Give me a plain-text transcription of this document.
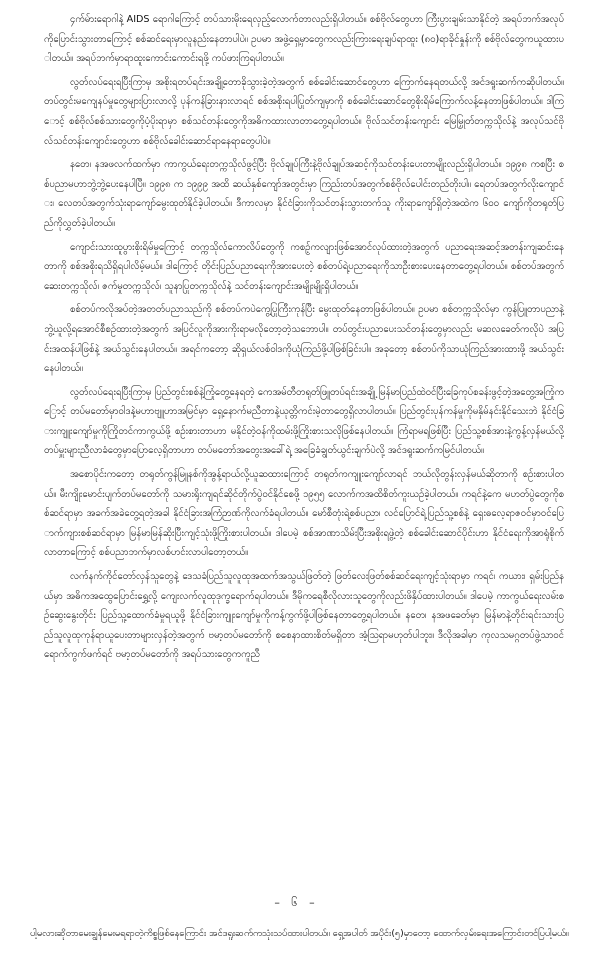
၄က်မ်ားရောဂါနဲ့ AIDS ရောဂါကြောင့် တပ်သားမိုးရေလှည့်လောက်တာလည်းရှိပါတယ်။ စစ်ဗိုလ်တွေဟာ ကြီးပွားချမ်းသာနိုင်တဲ့ အရပ်ဘက်အလုပ်ကိုပြောင်းသွားတာကြောင့် စစ်ဆင်ရေးမှာလူနည်းနေတာပါပဲ။ ဥပမာ အဖွဲ့ရှေ့မှာတွေကလည်းကြားရေးချပ်ရာထူး (၈၀)ရာခိုင်နှုန်းကို စစ်ဗိုလ်တွေကယူထားပါတယ်။ အရပ်ဘက်မှာရာထူးကောင်းကောင်းရဖို့ ကပ်ဖားကြရပါတယ်။

လွတ်လပ်ရေးရပြီးကြာမှ အစိုးရတပ်ရင်းအချို့တောခိုသွားခဲ့တဲ့အတွက် စစ်ခေါင်းဆောင်တွေဟာ ကြောက်နေရတယ်လို့ အင်ဒရူးဆက်ကဆိုပါတယ်။ တပ်တွင်းမကျေနပ်မှုတွေများပြားလာလို့ ပုန်ကန်ခြားနားလာရင် စစ်အစိုးရပါပြုတ်ကျမှာကို စစ်ခေါင်းဆောင်တွေစိုးရိမ်ကြောက်လန့်နေတာဖြစ်ပါတယ်။ ဒါကြောင့် စစ်ဗိုလ်စစ်သားတွေကိုပံ့ပိုးရာမှာ စစ်သင်တန်းတွေကိုအဓိကထားလာတာတွေ့ရပါတယ်။ ဗိုလ်သင်တန်းကျောင်း မြေမြှုတ်တက္ကသိုလ်နဲ့ အလုပ်သင်ဗိုလ်သင်တန်းကျောင်းတွေဟာ စစ်ဗိုလ်ခေါင်းဆောင်ရာနေရာတွေပါပဲ။

နတေ၊ နအဖလက်ထက်မှာ ကာကွယ်ရေးတက္ကသိုလ်ဖွင့်ပြီး ဗိုလ်ချုပ်ကြီးနဲ့ဗိုလ်ချုပ်အဆင့်ကိုသင်တန်းပေးတာမျိုးလည်းရှိပါတယ်။ ၁၉၉၈ ကစပြီး စစ်ပညာမဟာဘွဲ့ဘွဲ့ပေးနေပါပြီ။ ၁၉၉၈ က ၁၉၉၉ အထိ ဆယ်နှစ်ကျော်အတွင်းမှာ ကြည်းတပ်အတွက်စစ်ဗိုလ်ပေါင်းတည်တိုးပါ။ ရေတပ်အတွက်လိုးကျောင်း၊ လေတပ်အတွက်သုံးရာကျော်မွေးထုတ်နိုင်ခဲ့ပါတယ်။ ဒီကာလမှာ နိုင်ငံခြားကိုသင်တန်းသွားတက်သူ ကိုးရာကျော်ရှိတဲ့အထဲက ၆၀၀ ကျော်ကိုတရုတ်ပြည်ကိုလွှတ်ခဲ့ပါတယ်။

ကျောင်းသားထူပွားစိုးရိမ်မှုကြောင့် တက္ကသိုလ်ကောလိပ်တွေကို ကစဉ့်ကလျားဖြစ်အောင်လုပ်ထားတဲ့အတွက် ပညာရေးအဆင့်အတန်းကျဆင်းနေတာကို စစ်အစိုးရသိရှိရပါလိမ့်မယ်။ ဒါကြောင့် တိုင်းပြည်ပညာရေးကိုအားပေးတဲ့ စစ်တပ်ရဲ့ပညာရေးကိုသာဦးစားပေးနေတာတွေ့ရပါတယ်။ စစ်တပ်အတွက် ဆေးတက္ကသိုလ်၊ ဇက်မှုတက္ကသိုလ်၊ သူနာပြုတက္ကသိုလ်နဲ့ သင်တန်းကျောင်းအမျိုးမျိုးရှိပါတယ်။

စစ်တပ်ကလိုအပ်တဲ့အတတ်ပညာသည်ကို စစ်တပ်ကပဲကွေ့ပြုကြီးကုန်ပြီး မွေးထုတ်နေတာဖြစ်ပါတယ်။ ဥပမာ စစ်တက္ကသိုလ်မှာ ကွန်ပြူတာပညာနဲ့ဘွဲ့ယူလို့ရအောင်စီစဉ်ထားတဲ့အတွက် အပြင်လူကိုအားကိုးရာမလိုတော့တဲ့သဘောပါ။ တပ်တွင်းပညာပေးသင်တန်းတွေမှာလည်း မဆလခေတ်ကလိုပဲ အပြင်းအထန်ပါဖြစ်နဲ့ အယ်သွင်းနေပါတယ်။ အရင်ကတော့ ဆိုရှယ်လစ်ဝါဒကိုယုံကြည်ဖို့ပါဖြစ်ခြင်းပါ။ အခုတော့ စစ်တပ်ကိုသာယုံကြည်အားထားဖို့ အယ်သွင်းနေပါတယ်။

လွတ်လပ်ရေးရပြီးကြာမှ ပြည်တွင်းစစ်နဲ့ကြုံတွေ့နေရတဲ့ ကေအမ်တီတရုတ်ဖြူတပ်ရင်းအချို့ မြန်မာပြည်ထဲဝင်ပြီးခြေကုပ်စခန်းဖွင့်တဲ့အတွေ့အကြုံကြောင့် တပ်မတော်မှာဝါဒနဲ့မဟာဗျူဟာအမြင်မှာ ရှေ့နောက်မညီတာနဲ့ယုတ္တိကင်းမဲ့တာတွေရှိလာပါတယ်။ ပြည်တွင်းပုန်ကန်မှုကိုမနှိမ်နင်းနိုင်သေးဘဲ နိုင်ငံခြားကျူးကျော်မှုကိုကြိုတင်ကာကွယ်ဖို့ စဉ်းစားတာဟာ မနိုင်တဲ့ဝန်ကိုထမ်းဖို့ကြိုးစားသလိုဖြစ်နေပါတယ်။ ကြံရာမရဖြစ်ပြီး ပြည်သူ့စစ်အားနဲ့ကွန့်လှန်မယ်လို့ တပ်မှူးများညီလာခံတွေမှာပြောလေ့ရှိတာဟာ တပ်မတော်အတွေးအခေါ်ရဲ့ အခြေခံချွတ်ယွင်းချက်ပဲလို့ အင်ဒရူးဆက်ကမြင်ပါတယ်။

အစောပိုင်းကတော့ တရုတ်ကွန်မြူနစ်ကိုအွန့်ရာယ်လို့ယူဆထားကြောင့် တရုတ်ကကျူးကျော်လာရင် ဘယ်လိုတွန်းလှန်မယ်ဆိုတာကို စဉ်းစားပါတယ်။ မီးကျိုးမောင်းပျက်တပ်မတော်ကို သမားရိုးကျရင်ဆိုင်တိုက်ပွဲဝင်နိုင်စေဖို့ ၁၉၅၅ လောက်ကအထိစိတ်ကူးယဉ်ခဲ့ပါတယ်။ ကရင်နဲ့ကေ မဟတ်ပွဲတွေကိုစစ်ဆင်ရာမှာ အခက်အခဲတွေ့ရတဲ့အခါ နိုင်ငံခြားအကြံဉာဏ်ကိုလက်ခံရပါတယ်။ မော်စီတုံးရဲ့စစ်ပညာ၊ လင်ပြောင်ရဲ့ပြည်သူ့စစ်နဲ့ ရှေးဓလေ့ရာဇဝင်မှာဝင်ပြောက်ကျားစစ်ဆင်ရာမှာ မြန်မာမြန်ဆိုးပြီးကျင့်သုံးဖို့ကြိုးစားပါတယ်။ ဒါပေမဲ့ စစ်အာဏာသိမ်းပြီးအစိုးရဖွဲ့တဲ့ စစ်ခေါင်းဆောင်ပိုင်းဟာ နိုင်ငံရေးကိုအာရုံစိုက်လာတာကြောင့် စစ်ပညာဘက်မှာလစ်ဟင်းလာပါတော့တယ်။

လက်နက်ကိုင်တော်လှန်သူတွေနဲ့ ဒေသခံပြည်သူလူထုအထက်အသွယ်ဖြတ်တဲ့ ဖြတ်လေးဖြတ်စစ်ဆင်ရေးကျင့်သုံးရာမှာ ကရင်၊ ကယား၊ ရှမ်းပြည်နယ်မှာ အဓိကအထွေပြောင်းရွှေ့လို့ ကျေးလက်လူထုဒုက္ခရောက်ရပါတယ်။ ဒီမိုကရေစီလိုလားသူတွေကိုလည်းဖိနှိပ်ထားပါတယ်။ ဒါပေမဲ့ ကာကွယ်ရေးလမ်းစဉ်ဆွေးနွေးတိုင်း ပြည်သူ့ထောက်ခံမှုရယူဖို့ နိုင်ငံခြားကျူးကျော်မှုကိုကန့်ကွက်ဖို့ပါဖြစ်နေတာတွေ့ရပါတယ်။ နတေ၊ နအဖခေတ်မှာ မြန်မာနဲ့တိုင်းရင်းသားပြည်သူလူထုကုန်ရာယူပေးတာများလှန်တဲ့အတွက် ဗမာ့တပ်မတော်ကို စစေနာထားစိတ်မရှိတာ အံ့သြရာမဟုတ်ပါဘူး။ ဒီလိုအခါမှာ ကုလသမဂ္ဂတပ်ဖွဲ့သာဝင်ရောက်ကွက်ဖက်ရင် ဗမာ့တပ်မတော်ကို အရပ်သားတွေကကူညီ

– ၆ –
ပါ့မလားဆိုတာမေးချွန်မေးမရရာတဲ့ကိစ္စဖြစ်နေကြောင်း အင်ဒရူးဆက်ကသုံးသပ်ထားပါတယ်။ ရှေ့အပါတ် အပိုင်း(၅)မှာတော့ ထောက်လှမ်းရေးအကြောင်းတင်ပြပါ့မယ်။
